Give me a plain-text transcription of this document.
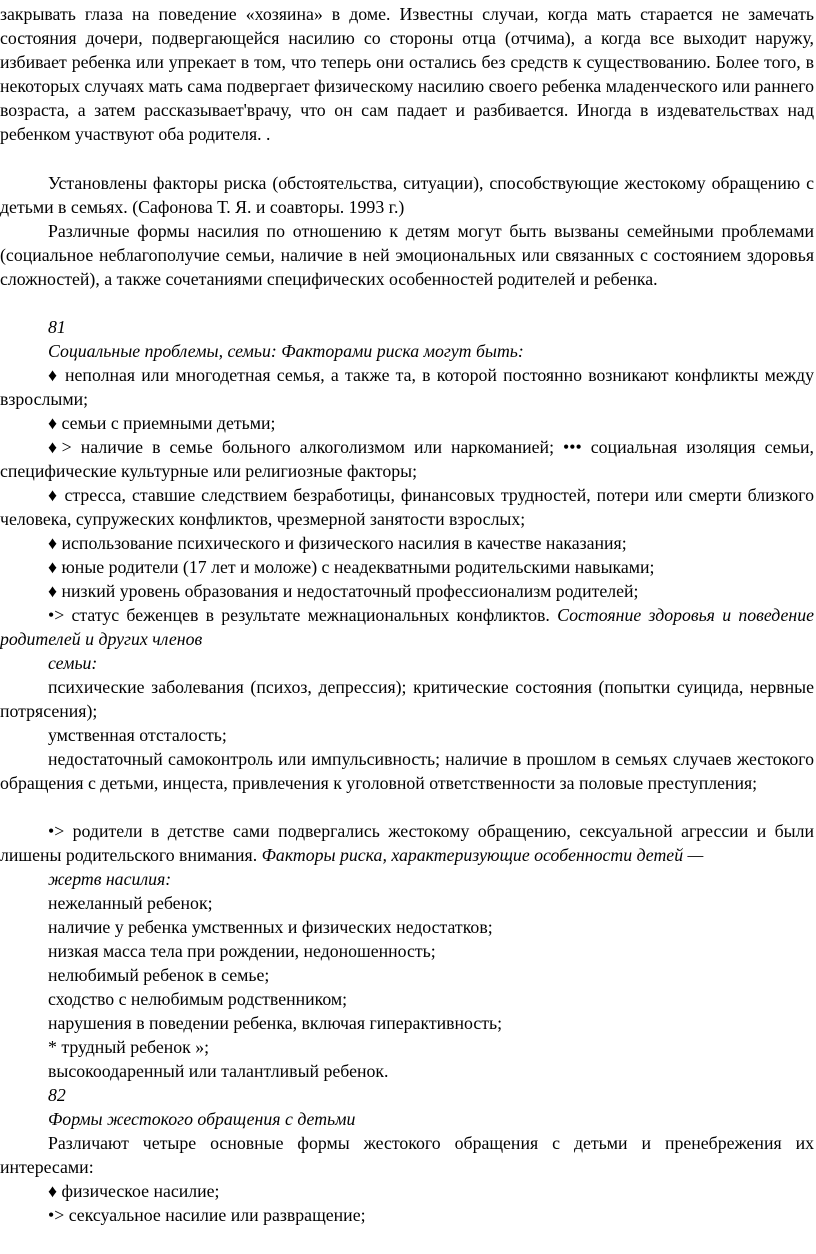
закрывать глаза на поведение «хозяина» в доме. Известны случаи, когда мать старается не замечать состояния дочери, подвергающейся насилию со стороны отца (отчима), а когда все выходит наружу, избивает ребенка или упрекает в том, что теперь они остались без средств к существованию. Более того, в некоторых случаях мать сама подвергает физическому насилию своего ребенка младенческого или раннего возраста, а затем рассказывает'врачу, что он сам падает и разбивается. Иногда в издевательствах над ребенком участвуют оба родителя. .

Установлены факторы риска (обстоятельства, ситуации), способствующие жестокому обращению с детьми в семьях. (Сафонова Т. Я. и соавторы. 1993 г.)

Различные формы насилия по отношению к детям могут быть вызваны семейными проблемами (социальное неблагополучие семьи, наличие в ней эмоциональных или связанных с состоянием здоровья сложностей), а также сочетаниями специфических особенностей родителей и ребенка.

81

Социальные проблемы, семьи: Факторами риска могут быть:

♦ неполная или многодетная семья, а также та, в которой постоянно возникают конфликты между взрослыми;

♦ семьи с приемными детьми;

♦> наличие в семье больного алкоголизмом или наркоманией; ••• социальная изоляция семьи, специфические культурные или религиозные факторы;

♦ стресса, ставшие следствием безработицы, финансовых трудностей, потери или смерти близкого человека, супружеских конфликтов, чрезмерной занятости взрослых;

♦ использование психического и физического насилия в качестве наказания;

♦ юные родители (17 лет и моложе) с неадекватными родительскими навыками;

♦ низкий уровень образования и недостаточный профессионализм родителей;

•> статус беженцев в результате межнациональных конфликтов. Состояние здоровья и поведение родителей и других членов

семьи:

психические заболевания (психоз, депрессия); критические состояния (попытки суицида, нервные потрясения);

умственная отсталость;

недостаточный самоконтроль или импульсивность; наличие в прошлом в семьях случаев жестокого обращения с детьми, инцеста, привлечения к уголовной ответственности за половые преступления;

•> родители в детстве сами подвергались жестокому обращению, сексуальной агрессии и были лишены родительского внимания. Факторы риска, характеризующие особенности детей —

жертв насилия:

нежеланный ребенок;

наличие у ребенка умственных и физических недостатков;

низкая масса тела при рождении, недоношенность;

нелюбимый ребенок в семье;

сходство с нелюбимым родственником;

нарушения в поведении ребенка, включая гиперактивность;

* трудный ребенок »;

высокоодаренный или талантливый ребенок.

82

Формы жестокого обращения с детьми

Различают четыре основные формы жестокого обращения с детьми и пренебрежения их интересами:

♦ физическое насилие;

•> сексуальное насилие или развращение;
